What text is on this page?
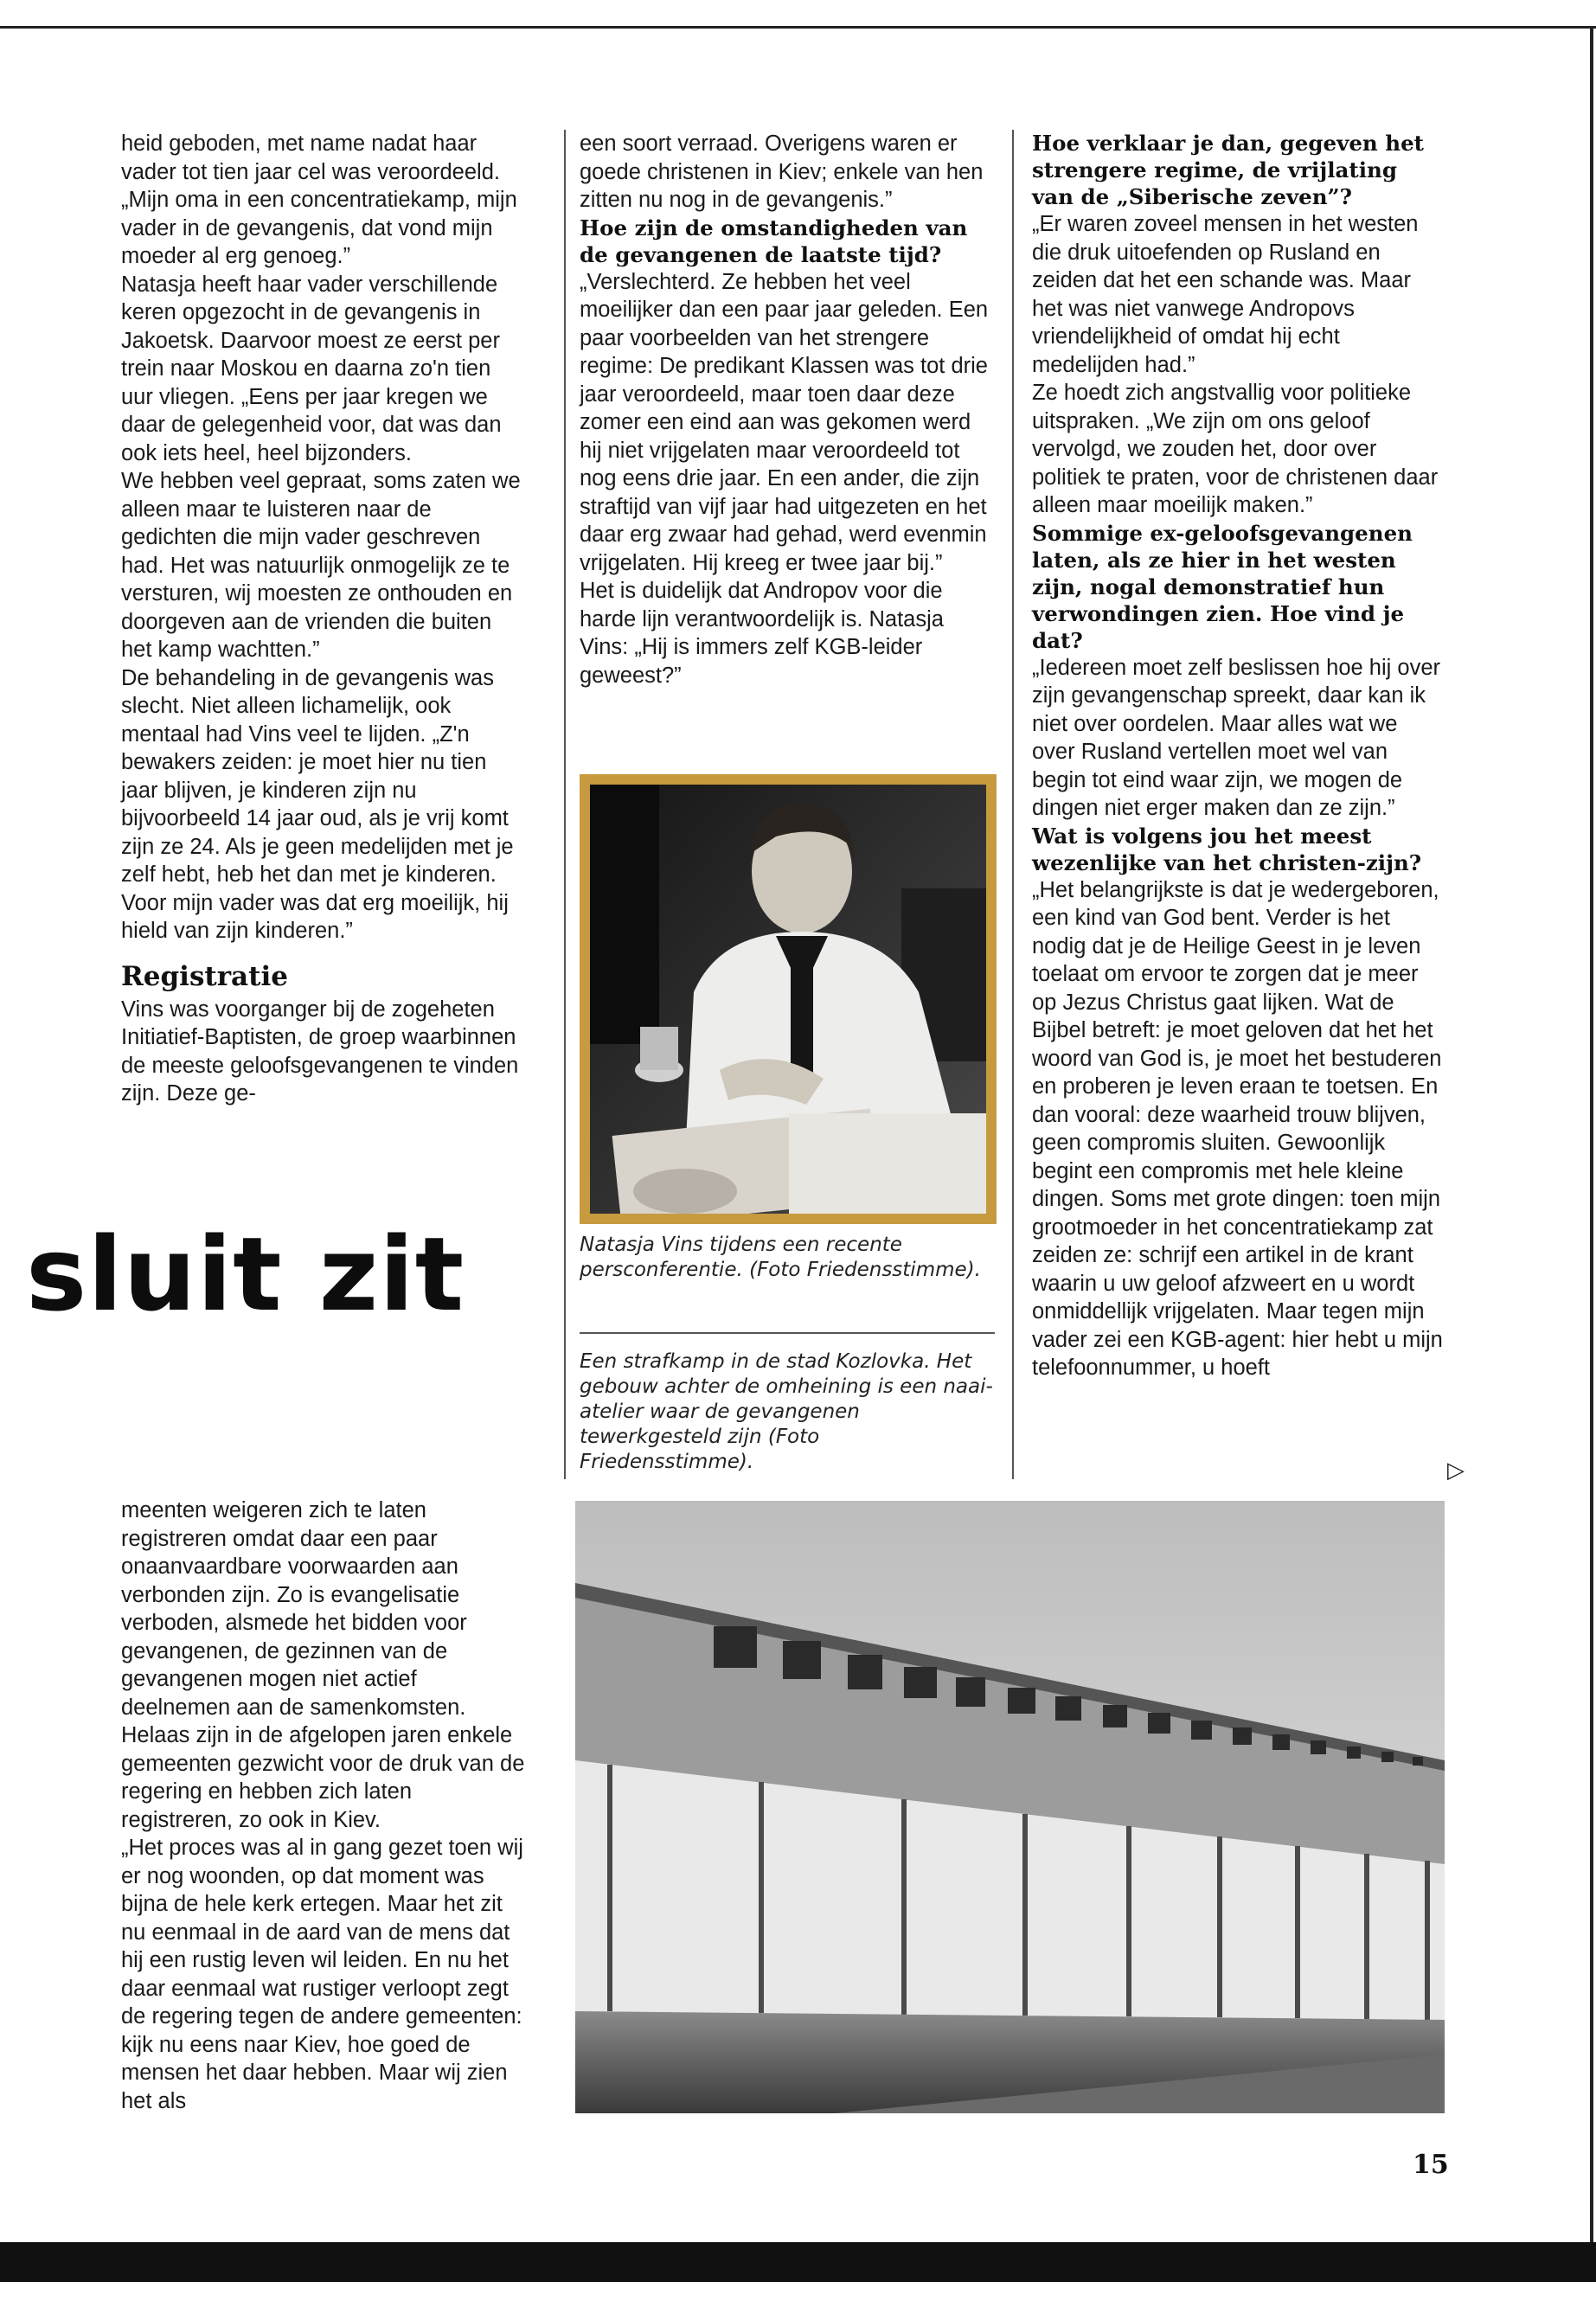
heid geboden, met name nadat haar vader tot tien jaar cel was veroordeeld. „Mijn oma in een concentratiekamp, mijn vader in de gevangenis, dat vond mijn moeder al erg genoeg.”

Natasja heeft haar vader verschillende keren opgezocht in de gevangenis in Jakoetsk. Daarvoor moest ze eerst per trein naar Moskou en daarna zo'n tien uur vliegen. „Eens per jaar kregen we daar de gelegenheid voor, dat was dan ook iets heel, heel bijzonders.

We hebben veel gepraat, soms zaten we alleen maar te luisteren naar de gedichten die mijn vader geschreven had. Het was natuurlijk onmogelijk ze te versturen, wij moesten ze onthouden en doorgeven aan de vrienden die buiten het kamp wachtten.”

De behandeling in de gevangenis was slecht. Niet alleen lichamelijk, ook mentaal had Vins veel te lijden. „Z'n bewakers zeiden: je moet hier nu tien jaar blijven, je kinderen zijn nu bijvoorbeeld 14 jaar oud, als je vrij komt zijn ze 24. Als je geen medelijden met je zelf hebt, heb het dan met je kinderen. Voor mijn vader was dat erg moeilijk, hij hield van zijn kinderen.”

Registratie

Vins was voorganger bij de zogeheten Initiatief-Baptisten, de groep waarbinnen de meeste geloofsgevangenen te vinden zijn. Deze ge-

sluit zit

een soort verraad. Overigens waren er goede christenen in Kiev; enkele van hen zitten nu nog in de gevangenis.”

Hoe zijn de omstandigheden van de gevangenen de laatste tijd?

„Verslechterd. Ze hebben het veel moeilijker dan een paar jaar geleden. Een paar voorbeelden van het strengere regime: De predikant Klassen was tot drie jaar veroordeeld, maar toen daar deze zomer een eind aan was gekomen werd hij niet vrijgelaten maar veroordeeld tot nog eens drie jaar. En een ander, die zijn straftijd van vijf jaar had uitgezeten en het daar erg zwaar had gehad, werd evenmin vrijgelaten. Hij kreeg er twee jaar bij.”

Het is duidelijk dat Andropov voor die harde lijn verantwoordelijk is. Natasja Vins: „Hij is immers zelf KGB-leider geweest?”

Natasja Vins tijdens een recente persconferentie. (Foto Friedensstimme).
Een strafkamp in de stad Kozlovka. Het gebouw achter de omheining is een naai-atelier waar de gevangenen tewerkgesteld zijn (Foto Friedensstimme).

Hoe verklaar je dan, gegeven het strengere regime, de vrijlating van de „Siberische zeven”?

„Er waren zoveel mensen in het westen die druk uitoefenden op Rusland en zeiden dat het een schande was. Maar het was niet vanwege Andropovs vriendelijkheid of omdat hij echt medelijden had.”

Ze hoedt zich angstvallig voor politieke uitspraken. „We zijn om ons geloof vervolgd, we zouden het, door over politiek te praten, voor de christenen daar alleen maar moeilijk maken.”

Sommige ex-geloofsgevangenen laten, als ze hier in het westen zijn, nogal demonstratief hun verwondingen zien. Hoe vind je dat?

„Iedereen moet zelf beslissen hoe hij over zijn gevangenschap spreekt, daar kan ik niet over oordelen. Maar alles wat we over Rusland vertellen moet wel van begin tot eind waar zijn, we mogen de dingen niet erger maken dan ze zijn.”

Wat is volgens jou het meest wezenlijke van het christen-zijn?

„Het belangrijkste is dat je wedergeboren, een kind van God bent. Verder is het nodig dat je de Heilige Geest in je leven toelaat om ervoor te zorgen dat je meer op Jezus Christus gaat lijken. Wat de Bijbel betreft: je moet geloven dat het het woord van God is, je moet het bestuderen en proberen je leven eraan te toetsen. En dan vooral: deze waarheid trouw blijven, geen compromis sluiten. Gewoonlijk begint een compromis met hele kleine dingen. Soms met grote dingen: toen mijn grootmoeder in het concentratiekamp zat zeiden ze: schrijf een artikel in de krant waarin u uw geloof afzweert en u wordt onmiddellijk vrijgelaten. Maar tegen mijn vader zei een KGB-agent: hier hebt u mijn telefoonnummer, u hoeft

▷

meenten weigeren zich te laten registreren omdat daar een paar onaanvaardbare voorwaarden aan verbonden zijn. Zo is evangelisatie verboden, alsmede het bidden voor gevangenen, de gezinnen van de gevangenen mogen niet actief deelnemen aan de samenkomsten. Helaas zijn in de afgelopen jaren enkele gemeenten gezwicht voor de druk van de regering en hebben zich laten registreren, zo ook in Kiev.

„Het proces was al in gang gezet toen wij er nog woonden, op dat moment was bijna de hele kerk ertegen. Maar het zit nu eenmaal in de aard van de mens dat hij een rustig leven wil leiden. En nu het daar eenmaal wat rustiger verloopt zegt de regering tegen de andere gemeenten: kijk nu eens naar Kiev, hoe goed de mensen het daar hebben. Maar wij zien het als

15
